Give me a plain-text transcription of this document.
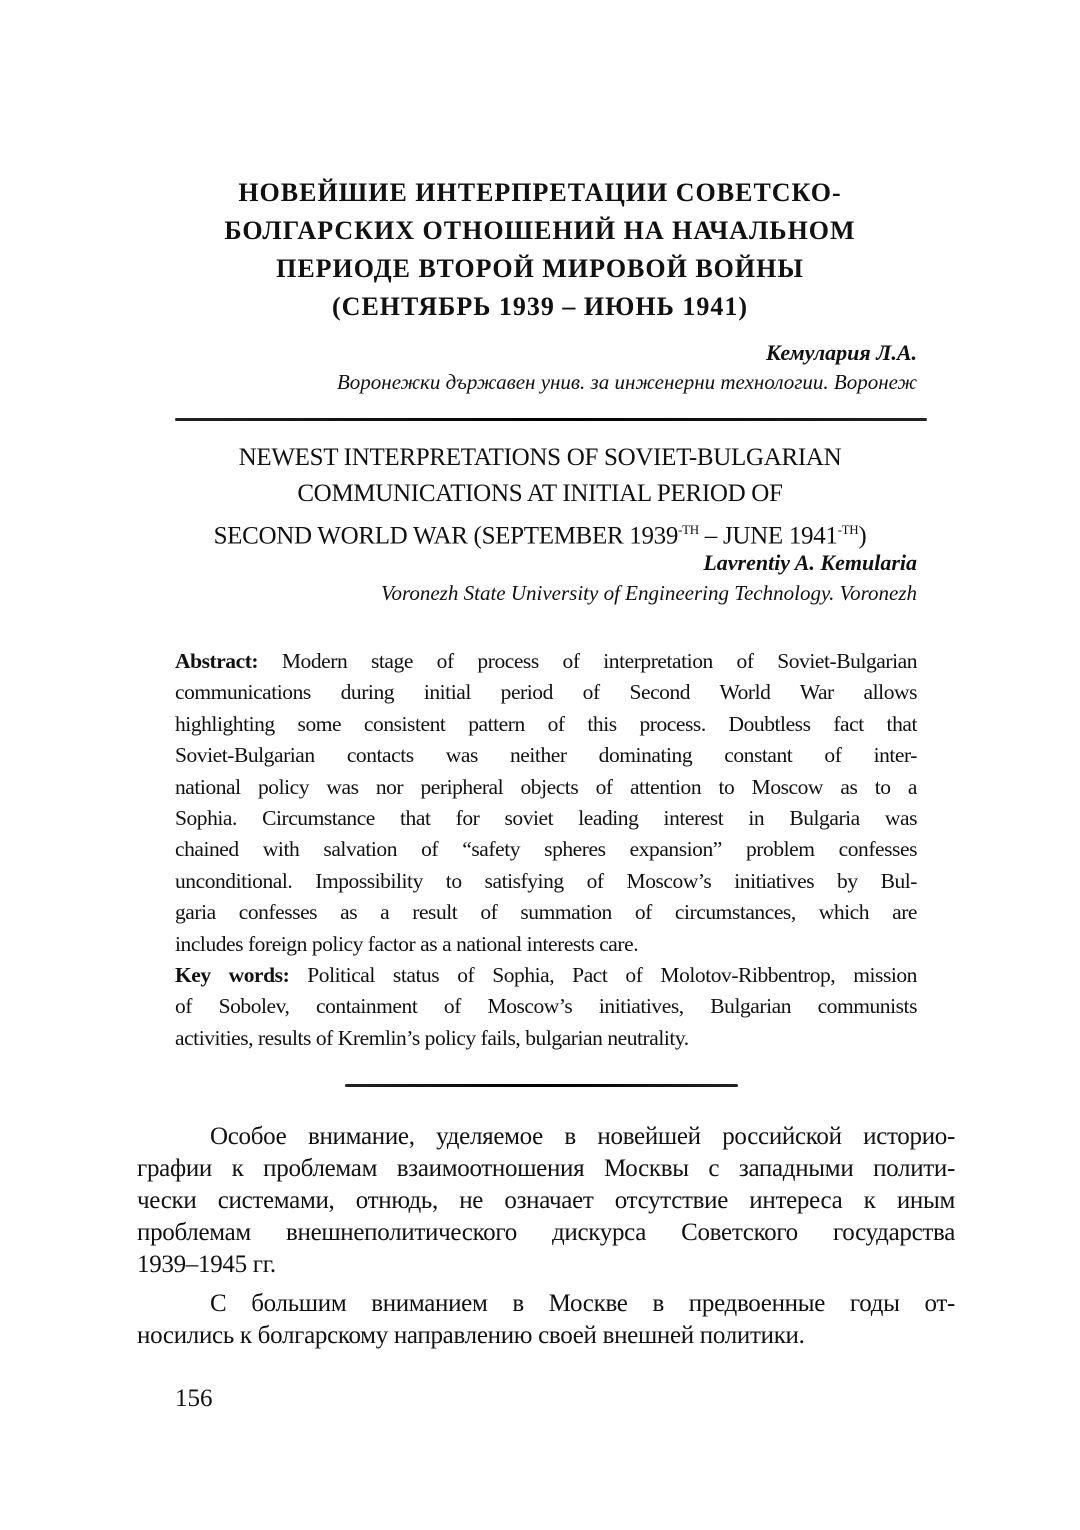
НОВЕЙШИЕ ИНТЕРПРЕТАЦИИ СОВЕТСКО-
БОЛГАРСКИХ ОТНОШЕНИЙ НА НАЧАЛЬНОМ
ПЕРИОДЕ ВТОРОЙ МИРОВОЙ ВОЙНЫ
(СЕНТЯБРЬ 1939 – ИЮНЬ 1941)
Кемулария Л.А.
Воронежки държавен унив. за инженерни технологии. Воронеж
NEWEST INTERPRETATIONS OF SOVIET-BULGARIAN
COMMUNICATIONS AT INITIAL PERIOD OF
SECOND WORLD WAR (SEPTEMBER $1939^{-TH}$ – JUNE $1941^{-TH}$)
Lavrentiy A. Kemularia
Voronezh State University of Engineering Technology. Voronezh
Abstract: Modern stage of process of interpretation of Soviet-Bulgarian
communications during initial period of Second World War allows
highlighting some consistent pattern of this process. Doubtless fact that
Soviet-Bulgarian contacts was neither dominating constant of inter-
national policy was nor peripheral objects of attention to Moscow as to a
Sophia. Circumstance that for soviet leading interest in Bulgaria was
chained with salvation of “safety spheres expansion” problem confesses
unconditional. Impossibility to satisfying of Moscow’s initiatives by Bul-
garia confesses as a result of summation of circumstances, which are
includes foreign policy factor as a national interests care.
Key words: Political status of Sophia, Pact of Molotov-Ribbentrop, mission
of Sobolev, containment of Moscow’s initiatives, Bulgarian communists
activities, results of Kremlin’s policy fails, bulgarian neutrality.
Особое внимание, уделяемое в новейшей российской историо-
графии к проблемам взаимоотношения Москвы с западными полити-
чески системами, отнюдь, не означает отсутствие интереса к иным
проблемам внешнеполитического дискурса Советского государства
1939–1945 гг.
С большим вниманием в Москве в предвоенные годы от-
носились к болгарскому направлению своей внешней политики.
156
